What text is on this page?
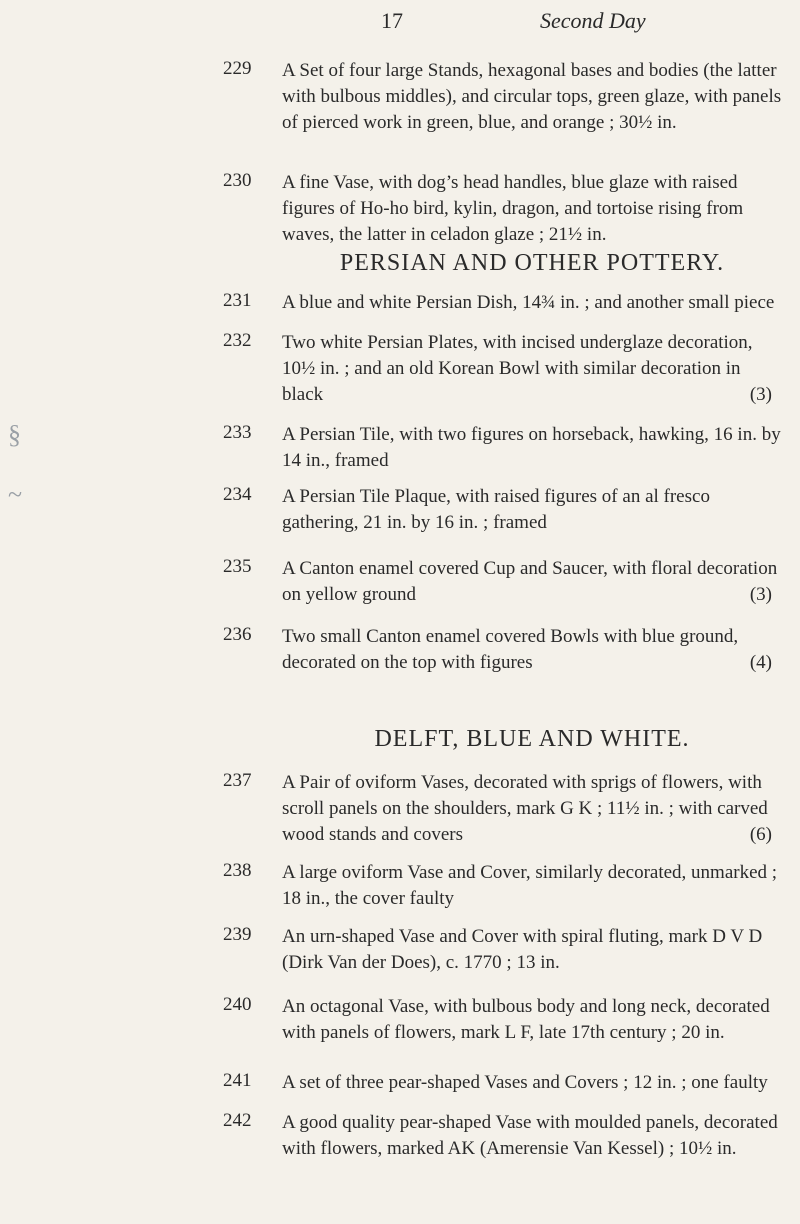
17	Second Day
229	A Set of four large Stands, hexagonal bases and bodies (the latter with bulbous middles), and circular tops, green glaze, with panels of pierced work in green, blue, and orange ; 30½ in.
230	A fine Vase, with dog’s head handles, blue glaze with raised figures of Ho-ho bird, kylin, dragon, and tortoise rising from waves, the latter in celadon glaze ; 21½ in.
PERSIAN AND OTHER POTTERY.
231	A blue and white Persian Dish, 14¾ in. ; and another small piece
232	Two white Persian Plates, with incised underglaze decoration, 10½ in. ; and an old Korean Bowl with similar decoration in black	(3)
233	A Persian Tile, with two figures on horseback, hawking, 16 in. by 14 in., framed
234	A Persian Tile Plaque, with raised figures of an al fresco gathering, 21 in. by 16 in. ; framed
235	A Canton enamel covered Cup and Saucer, with floral decoration on yellow ground	(3)
236	Two small Canton enamel covered Bowls with blue ground, decorated on the top with figures	(4)
DELFT, BLUE AND WHITE.
237	A Pair of oviform Vases, decorated with sprigs of flowers, with scroll panels on the shoulders, mark G K ; 11½ in. ; with carved wood stands and covers	(6)
238	A large oviform Vase and Cover, similarly decorated, unmarked ; 18 in., the cover faulty
239	An urn-shaped Vase and Cover with spiral fluting, mark D V D (Dirk Van der Does), c. 1770 ; 13 in.
240	An octagonal Vase, with bulbous body and long neck, decorated with panels of flowers, mark L F, late 17th century ; 20 in.
241	A set of three pear-shaped Vases and Covers ; 12 in. ; one faulty
242	A good quality pear-shaped Vase with moulded panels, decorated with flowers, marked AK (Amerensie Van Kessel) ; 10½ in.
§
~
